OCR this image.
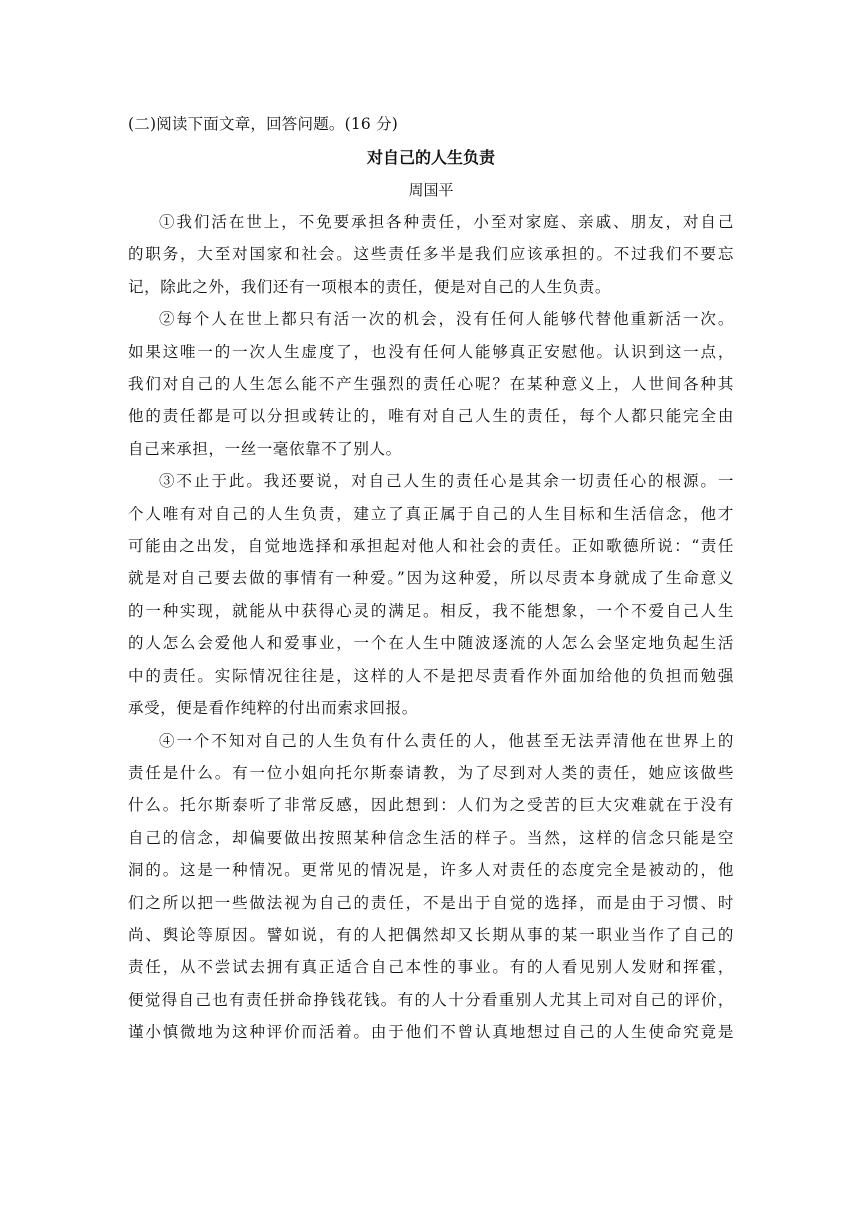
(二)阅读下面文章，回答问题。(16 分)
对自己的人生负责
周国平
①我们活在世上，不免要承担各种责任，小至对家庭、亲戚、朋友，对自己
的职务，大至对国家和社会。这些责任多半是我们应该承担的。不过我们不要忘
记，除此之外，我们还有一项根本的责任，便是对自己的人生负责。
②每个人在世上都只有活一次的机会，没有任何人能够代替他重新活一次。
如果这唯一的一次人生虚度了，也没有任何人能够真正安慰他。认识到这一点，
我们对自己的人生怎么能不产生强烈的责任心呢？在某种意义上，人世间各种其
他的责任都是可以分担或转让的，唯有对自己人生的责任，每个人都只能完全由
自己来承担，一丝一毫依靠不了别人。
③不止于此。我还要说，对自己人生的责任心是其余一切责任心的根源。一
个人唯有对自己的人生负责，建立了真正属于自己的人生目标和生活信念，他才
可能由之出发，自觉地选择和承担起对他人和社会的责任。正如歌德所说：“责任
就是对自己要去做的事情有一种爱。”因为这种爱，所以尽责本身就成了生命意义
的一种实现，就能从中获得心灵的满足。相反，我不能想象，一个不爱自己人生
的人怎么会爱他人和爱事业，一个在人生中随波逐流的人怎么会坚定地负起生活
中的责任。实际情况往往是，这样的人不是把尽责看作外面加给他的负担而勉强
承受，便是看作纯粹的付出而索求回报。
④一个不知对自己的人生负有什么责任的人，他甚至无法弄清他在世界上的
责任是什么。有一位小姐向托尔斯泰请教，为了尽到对人类的责任，她应该做些
什么。托尔斯泰听了非常反感，因此想到：人们为之受苦的巨大灾难就在于没有
自己的信念，却偏要做出按照某种信念生活的样子。当然，这样的信念只能是空
洞的。这是一种情况。更常见的情况是，许多人对责任的态度完全是被动的，他
们之所以把一些做法视为自己的责任，不是出于自觉的选择，而是由于习惯、时
尚、舆论等原因。譬如说，有的人把偶然却又长期从事的某一职业当作了自己的
责任，从不尝试去拥有真正适合自己本性的事业。有的人看见别人发财和挥霍，
便觉得自己也有责任拼命挣钱花钱。有的人十分看重别人尤其上司对自己的评价，
谨小慎微地为这种评价而活着。由于他们不曾认真地想过自己的人生使命究竟是
